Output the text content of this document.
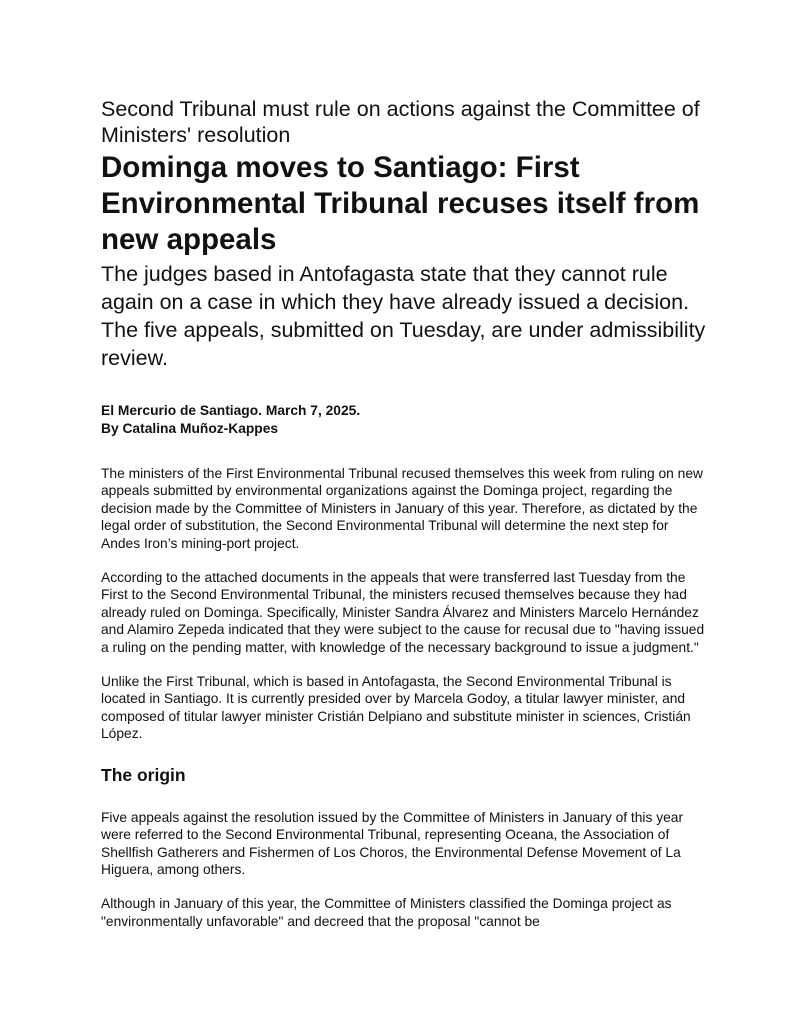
Second Tribunal must rule on actions against the Committee of Ministers' resolution
Dominga moves to Santiago: First Environmental Tribunal recuses itself from new appeals

The judges based in Antofagasta state that they cannot rule again on a case in which they have already issued a decision. The five appeals, submitted on Tuesday, are under admissibility review.

El Mercurio de Santiago. March 7, 2025.
By Catalina Muñoz-Kappes

The ministers of the First Environmental Tribunal recused themselves this week from ruling on new appeals submitted by environmental organizations against the Dominga project, regarding the decision made by the Committee of Ministers in January of this year. Therefore, as dictated by the legal order of substitution, the Second Environmental Tribunal will determine the next step for Andes Iron’s mining-port project.

According to the attached documents in the appeals that were transferred last Tuesday from the First to the Second Environmental Tribunal, the ministers recused themselves because they had already ruled on Dominga. Specifically, Minister Sandra Álvarez and Ministers Marcelo Hernández and Alamiro Zepeda indicated that they were subject to the cause for recusal due to "having issued a ruling on the pending matter, with knowledge of the necessary background to issue a judgment."

Unlike the First Tribunal, which is based in Antofagasta, the Second Environmental Tribunal is located in Santiago. It is currently presided over by Marcela Godoy, a titular lawyer minister, and composed of titular lawyer minister Cristián Delpiano and substitute minister in sciences, Cristián López.

The origin

Five appeals against the resolution issued by the Committee of Ministers in January of this year were referred to the Second Environmental Tribunal, representing Oceana, the Association of Shellfish Gatherers and Fishermen of Los Choros, the Environmental Defense Movement of La Higuera, among others.

Although in January of this year, the Committee of Ministers classified the Dominga project as "environmentally unfavorable" and decreed that the proposal "cannot be
